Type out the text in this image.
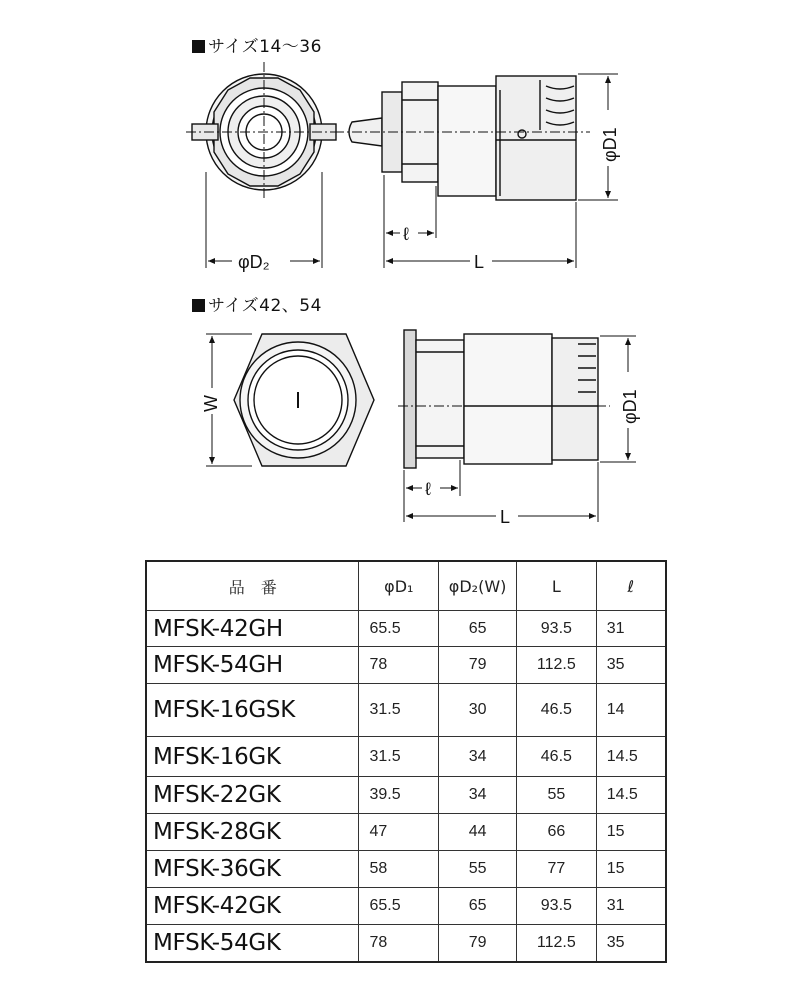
サイズ14～36
サイズ42、54
φD₂
ℓ
L
φD1
W
ℓ
L
φD1
品　番	φD₁	φD₂(W)	L	ℓ
MFSK-42GH	65.5	65	93.5	31
MFSK-54GH	78	79	112.5	35
MFSK-16GSK	31.5	30	46.5	14
MFSK-16GK	31.5	34	46.5	14.5
MFSK-22GK	39.5	34	55	14.5
MFSK-28GK	47	44	66	15
MFSK-36GK	58	55	77	15
MFSK-42GK	65.5	65	93.5	31
MFSK-54GK	78	79	112.5	35
